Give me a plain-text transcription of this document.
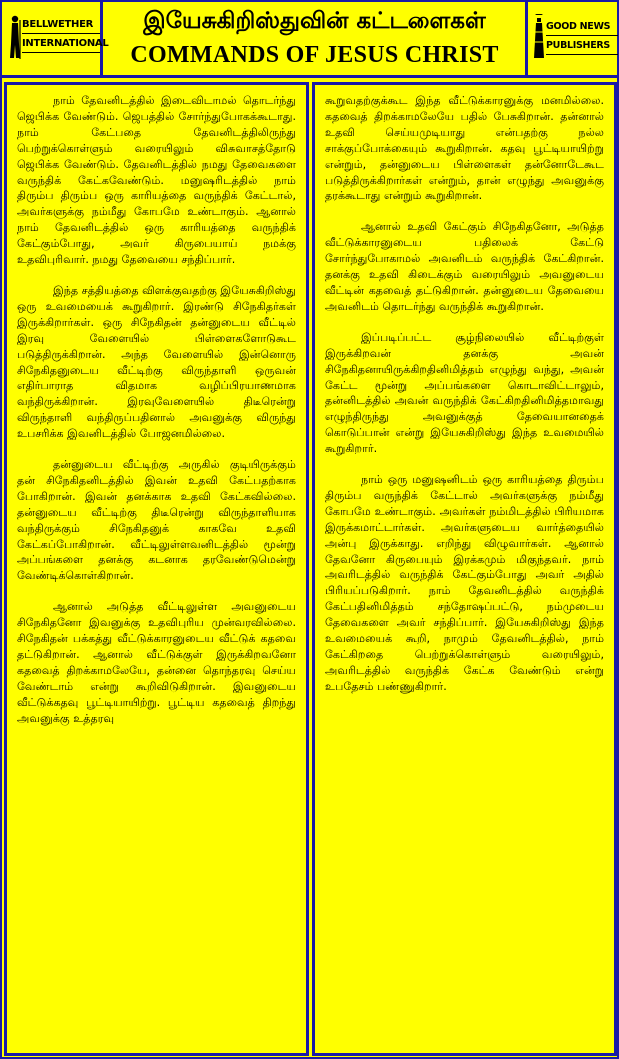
BELLWETHER
INTERNATIONAL
இயேசுகிறிஸ்துவின் கட்டளைகள்
COMMANDS OF JESUS CHRIST
GOOD NEWS
PUBLISHERS

நாம் தேவனிடத்தில் இடைவிடாமல் தொடர்ந்து ஜெபிக்க வேண்டும். ஜெபத்தில் சோர்ந்துபோகக்கூடாது. நாம் கேட்பதை தேவனிடத்திலிருந்து பெற்றுக்கொள்ளும் வரையிலும் விசுவாசத்தோடு ஜெபிக்க வேண்டும். தேவனிடத்தில் நமது தேவைகளை வருந்திக் கேட்கவேண்டும். மனுஷரிடத்தில் நாம் திரும்ப திரும்ப ஒரு காரியத்தை வருந்திக் கேட்டால், அவர்களுக்கு நம்மீது கோபமே உண்டாகும். ஆனால் நாம் தேவனிடத்தில் ஒரு காரியத்தை வருந்திக் கேட்கும்போது, அவர் கிருபையாய் நமக்கு உதவிபுரிவார். நமது தேவையை சந்திப்பார்.

இந்த சத்தியத்தை விளக்குவதற்கு இயேசுகிறிஸ்து ஒரு உவமையைக் கூறுகிறார். இரண்டு சிநேகிதர்கள் இருக்கிறார்கள். ஒரு சிநேகிதன் தன்னுடைய வீட்டில் இரவு வேளையில் பிள்ளைகளோடுகூட படுத்திருக்கிறான். அந்த வேளையில் இன்னொரு சிநேகிதனுடைய வீட்டிற்கு விருந்தாளி ஒருவன் எதிர்பாராத விதமாக வழிப்பிரயாணமாக வந்திருக்கிறான். இரவுவேளையில் திடீரென்று விருந்தாளி வந்திருப்பதினால் அவனுக்கு விருந்து உபசரிக்க இவனிடத்தில் போஜனமில்லை.

தன்னுடைய வீட்டிற்கு அருகில் குடியிருக்கும் தன் சிநேகிதனிடத்தில் இவன் உதவி கேட்பதற்காக போகிறான். இவன் தனக்காக உதவி கேட்கவில்லை. தன்னுடைய வீட்டிற்கு திடீரென்று விருந்தாளியாக வந்திருக்கும் சிநேகிதனுக் காகவே உதவி கேட்கப்போகிறான். வீட்டிலுள்ளவனிடத்தில் மூன்று அப்பங்களை தனக்கு கடனாக தரவேண்டுமென்று வேண்டிக்கொள்கிறான்.

ஆனால் அடுத்த வீட்டிலுள்ள அவனுடைய சிநேகிதனோ இவனுக்கு உதவிபுரிய முன்வரவில்லை. சிநேகிதன் பக்கத்து வீட்டுக்காரனுடைய வீட்டுக் கதவை தட்டுகிறான். ஆனால் வீட்டுக்குள் இருக்கிறவனோ கதவைத் திறக்காமலேயே, தன்னை தொந்தரவு செய்ய வேண்டாம் என்று கூறிவிடுகிறான். இவனுடைய வீட்டுக்கதவு பூட்டியாயிற்று. பூட்டிய கதவைத் திறந்து அவனுக்கு உத்தரவு

கூறுவதற்குக்கூட இந்த வீட்டுக்காரனுக்கு மனமில்லை. கதவைத் திறக்காமலேயே பதில் பேசுகிறான். தன்னால் உதவி செய்யமுடியாது என்பதற்கு நல்ல சாக்குப்போக்கையும் கூறுகிறான். கதவு பூட்டியாயிற்று என்றும், தன்னுடைய பிள்ளைகள் தன்னோடேகூட படுத்திருக்கிறார்கள் என்றும், தான் எழுந்து அவனுக்கு தரக்கூடாது என்றும் கூறுகிறான்.

ஆனால் உதவி கேட்கும் சிநேகிதனோ, அடுத்த வீட்டுக்காரனுடைய பதிலைக் கேட்டு சோர்ந்துபோகாமல் அவனிடம் வருந்திக் கேட்கிறான். தனக்கு உதவி கிடைக்கும் வரையிலும் அவனுடைய வீட்டின் கதவைத் தட்டுகிறான். தன்னுடைய தேவையை அவனிடம் தொடர்ந்து வருந்திக் கூறுகிறான்.

இப்படிப்பட்ட சூழ்நிலையில் வீட்டிற்குள் இருக்கிறவன் தனக்கு அவன் சிநேகிதனாயிருக்கிறதினிமித்தம் எழுந்து வந்து, அவன் கேட்ட மூன்று அப்பங்களை கொடாவிட்டாலும், தன்னிடத்தில் அவன் வருந்திக் கேட்கிறதினிமித்தமாவது எழுந்திருந்து அவனுக்குத் தேவையானதைக் கொடுப்பான் என்று இயேசுகிறிஸ்து இந்த உவமையில் கூறுகிறார்.

நாம் ஒரு மனுஷனிடம் ஒரு காரியத்தை திரும்ப திரும்ப வருந்திக் கேட்டால் அவர்களுக்கு நம்மீது கோபமே உண்டாகும். அவர்கள் நம்மிடத்தில் பிரியமாக இருக்கமாட்டார்கள். அவர்களுடைய வார்த்தையில் அன்பு இருக்காது. எறிந்து விழுவார்கள். ஆனால் தேவனோ கிருபையும் இரக்கமும் மிகுந்தவர். நாம் அவரிடத்தில் வருந்திக் கேட்கும்போது அவர் அதில் பிரியப்படுகிறார். நாம் தேவனிடத்தில் வருந்திக் கேட்பதினிமித்தம் சந்தோஷப்பட்டு, நம்முடைய தேவைகளை அவர் சந்திப்பார். இயேசுகிறிஸ்து இந்த உவமையைக் கூறி, நாமும் தேவனிடத்தில், நாம் கேட்கிறதை பெற்றுக்கொள்ளும் வரையிலும், அவரிடத்தில் வருந்திக் கேட்க வேண்டும் என்று உபதேசம் பண்ணுகிறார்.
